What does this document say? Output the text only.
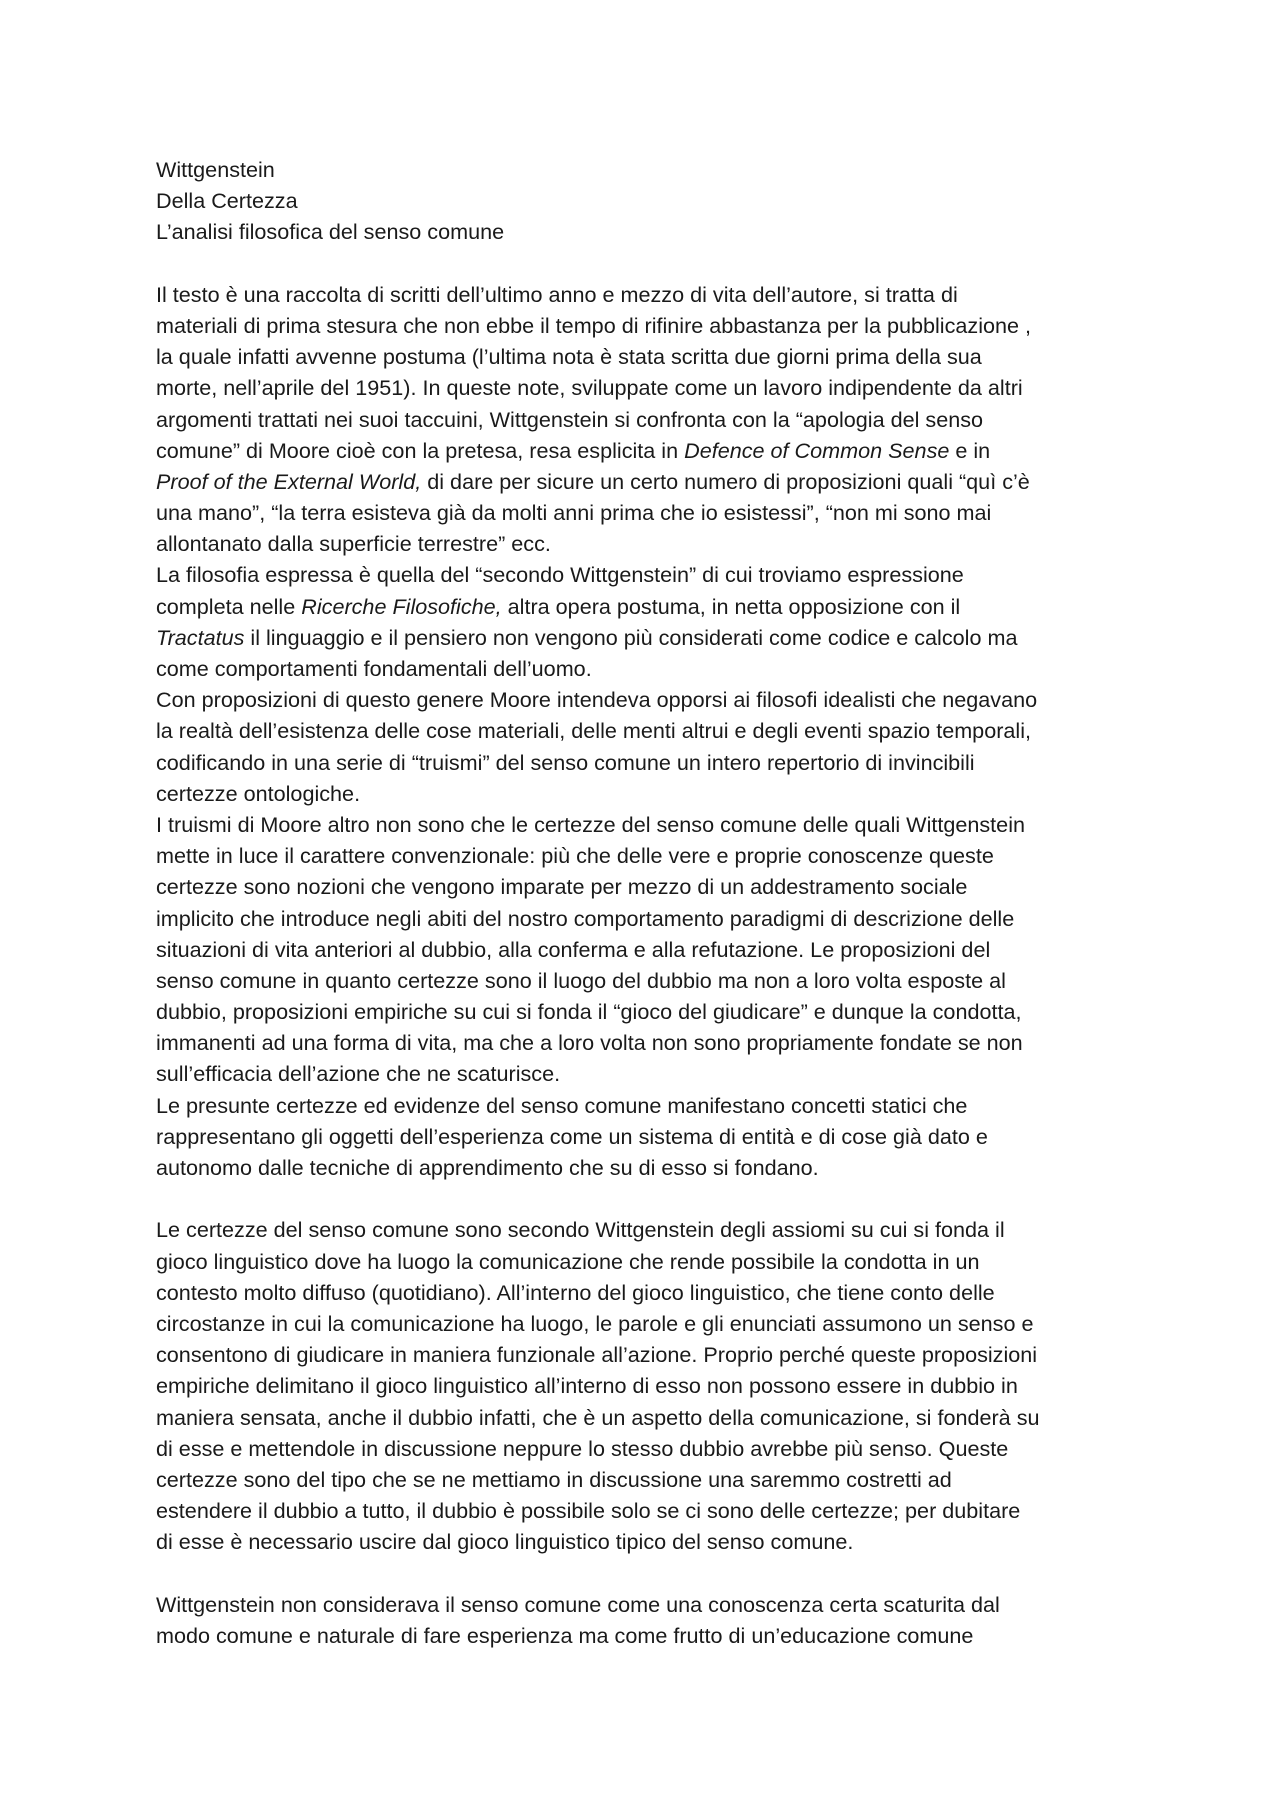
Wittgenstein
Della Certezza
L’analisi filosofica del senso comune
Il testo è una raccolta di scritti dell’ultimo anno e mezzo di vita dell’autore, si tratta di
materiali di prima stesura che non ebbe il tempo di rifinire abbastanza per la pubblicazione ,
la quale infatti avvenne postuma (l’ultima nota è stata scritta due giorni prima della sua
morte, nell’aprile del 1951). In queste note, sviluppate come un lavoro indipendente da altri
argomenti trattati nei suoi taccuini, Wittgenstein si confronta con la “apologia del senso
comune” di Moore cioè con la pretesa, resa esplicita in Defence of Common Sense e in
Proof of the External World, di dare per sicure un certo numero di proposizioni quali “quì c’è
una mano”, “la terra esisteva già da molti anni prima che io esistessi”, “non mi sono mai
allontanato dalla superficie terrestre” ecc.
La filosofia espressa è quella del “secondo Wittgenstein” di cui troviamo espressione
completa nelle Ricerche Filosofiche, altra opera postuma, in netta opposizione con il
Tractatus il linguaggio e il pensiero non vengono più considerati come codice e calcolo ma
come comportamenti fondamentali dell’uomo.
Con proposizioni di questo genere Moore intendeva opporsi ai filosofi idealisti che negavano
la realtà dell’esistenza delle cose materiali, delle menti altrui e degli eventi spazio temporali,
codificando in una serie di “truismi” del senso comune un intero repertorio di invincibili
certezze ontologiche.
I truismi di Moore altro non sono che le certezze del senso comune delle quali Wittgenstein
mette in luce il carattere convenzionale: più che delle vere e proprie conoscenze queste
certezze sono nozioni che vengono imparate per mezzo di un addestramento sociale
implicito che introduce negli abiti del nostro comportamento paradigmi di descrizione delle
situazioni di vita anteriori al dubbio, alla conferma e alla refutazione. Le proposizioni del
senso comune in quanto certezze sono il luogo del dubbio ma non a loro volta esposte al
dubbio, proposizioni empiriche su cui si fonda il “gioco del giudicare” e dunque la condotta,
immanenti ad una forma di vita, ma che a loro volta non sono propriamente fondate se non
sull’efficacia dell’azione che ne scaturisce.
Le presunte certezze ed evidenze del senso comune manifestano concetti statici che
rappresentano gli oggetti dell’esperienza come un sistema di entità e di cose già dato e
autonomo dalle tecniche di apprendimento che su di esso si fondano.
Le certezze del senso comune sono secondo Wittgenstein degli assiomi su cui si fonda il
gioco linguistico dove ha luogo la comunicazione che rende possibile la condotta in un
contesto molto diffuso (quotidiano). All’interno del gioco linguistico, che tiene conto delle
circostanze in cui la comunicazione ha luogo, le parole e gli enunciati assumono un senso e
consentono di giudicare in maniera funzionale all’azione. Proprio perché queste proposizioni
empiriche delimitano il gioco linguistico all’interno di esso non possono essere in dubbio in
maniera sensata, anche il dubbio infatti, che è un aspetto della comunicazione, si fonderà su
di esse e mettendole in discussione neppure lo stesso dubbio avrebbe più senso. Queste
certezze sono del tipo che se ne mettiamo in discussione una saremmo costretti ad
estendere il dubbio a tutto, il dubbio è possibile solo se ci sono delle certezze; per dubitare
di esse è necessario uscire dal gioco linguistico tipico del senso comune.
Wittgenstein non considerava il senso comune come una conoscenza certa scaturita dal
modo comune e naturale di fare esperienza ma come frutto di un’educazione comune
